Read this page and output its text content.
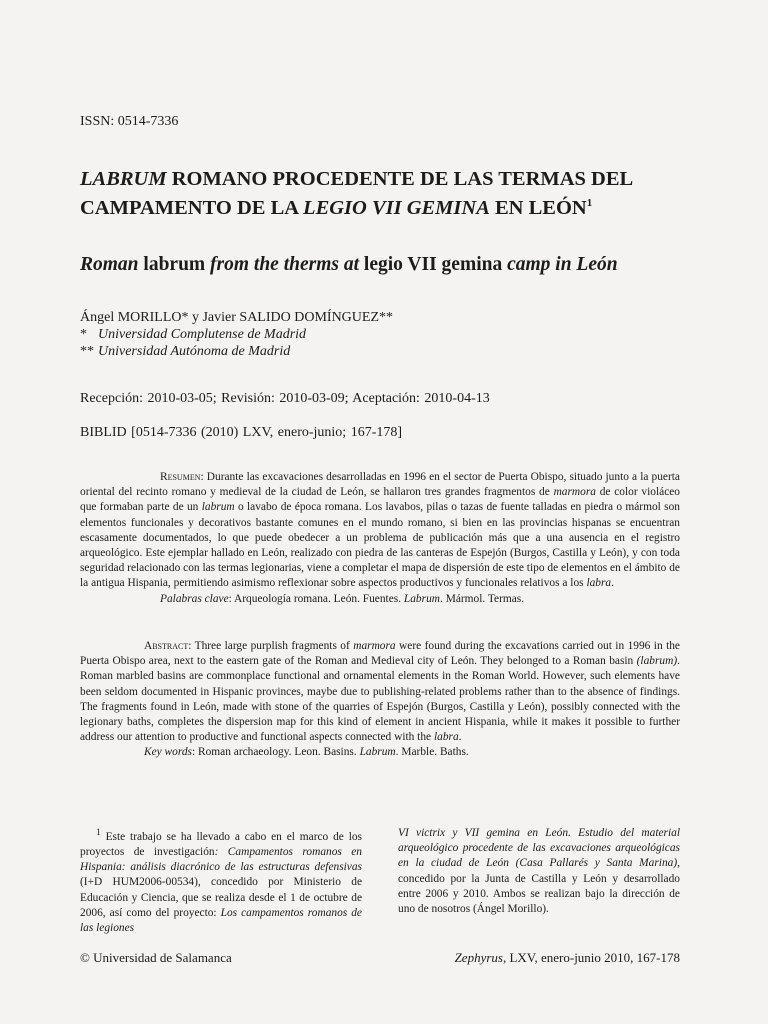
ISSN: 0514-7336
LABRUM ROMANO PROCEDENTE DE LAS TERMAS DEL CAMPAMENTO DE LA LEGIO VII GEMINA EN LEÓN$^1$
Roman labrum from the therms at legio VII gemina camp in León
Ángel MORILLO* y Javier SALIDO DOMÍNGUEZ**
* Universidad Complutense de Madrid
** Universidad Autónoma de Madrid
Recepción: 2010-03-05; Revisión: 2010-03-09; Aceptación: 2010-04-13
BIBLID [0514-7336 (2010) LXV, enero-junio; 167-178]

Resumen: Durante las excavaciones desarrolladas en 1996 en el sector de Puerta Obispo, situado junto a la puerta oriental del recinto romano y medieval de la ciudad de León, se hallaron tres grandes fragmentos de marmora de color violáceo que formaban parte de un labrum o lavabo de época romana. Los lavabos, pilas o tazas de fuente talladas en piedra o mármol son elementos funcionales y decorativos bastante comunes en el mundo romano, si bien en las provincias hispanas se encuentran escasamente documentados, lo que puede obedecer a un problema de publicación más que a una ausencia en el registro arqueológico. Este ejemplar hallado en León, realizado con piedra de las canteras de Espejón (Burgos, Castilla y León), y con toda seguridad relacionado con las termas legionarias, viene a completar el mapa de dispersión de este tipo de elementos en el ámbito de la antigua Hispania, permitiendo asimismo reflexionar sobre aspectos productivos y funcionales relativos a los labra.

Palabras clave: Arqueología romana. León. Fuentes. Labrum. Mármol. Termas.

Abstract: Three large purplish fragments of marmora were found during the excavations carried out in 1996 in the Puerta Obispo area, next to the eastern gate of the Roman and Medieval city of León. They belonged to a Roman basin (labrum). Roman marbled basins are commonplace functional and ornamental elements in the Roman World. However, such elements have been seldom documented in Hispanic provinces, maybe due to publishing-related problems rather than to the absence of findings. The fragments found in León, made with stone of the quarries of Espejón (Burgos, Castilla y León), possibly connected with the legionary baths, completes the dispersion map for this kind of element in ancient Hispania, while it makes it possible to further address our attention to productive and functional aspects connected with the labra.

Key words: Roman archaeology. Leon. Basins. Labrum. Marble. Baths.

$^1$ Este trabajo se ha llevado a cabo en el marco de los proyectos de investigación: Campamentos romanos en Hispania: análisis diacrónico de las estructuras defensivas (I+D HUM2006-00534), concedido por Ministerio de Educación y Ciencia, que se realiza desde el 1 de octubre de 2006, así como del proyecto: Los campamentos romanos de las legiones

VI victrix y VII gemina en León. Estudio del material arqueológico procedente de las excavaciones arqueológicas en la ciudad de León (Casa Pallarés y Santa Marina), concedido por la Junta de Castilla y León y desarrollado entre 2006 y 2010. Ambos se realizan bajo la dirección de uno de nosotros (Ángel Morillo).

© Universidad de Salamanca	Zephyrus, LXV, enero-junio 2010, 167-178
